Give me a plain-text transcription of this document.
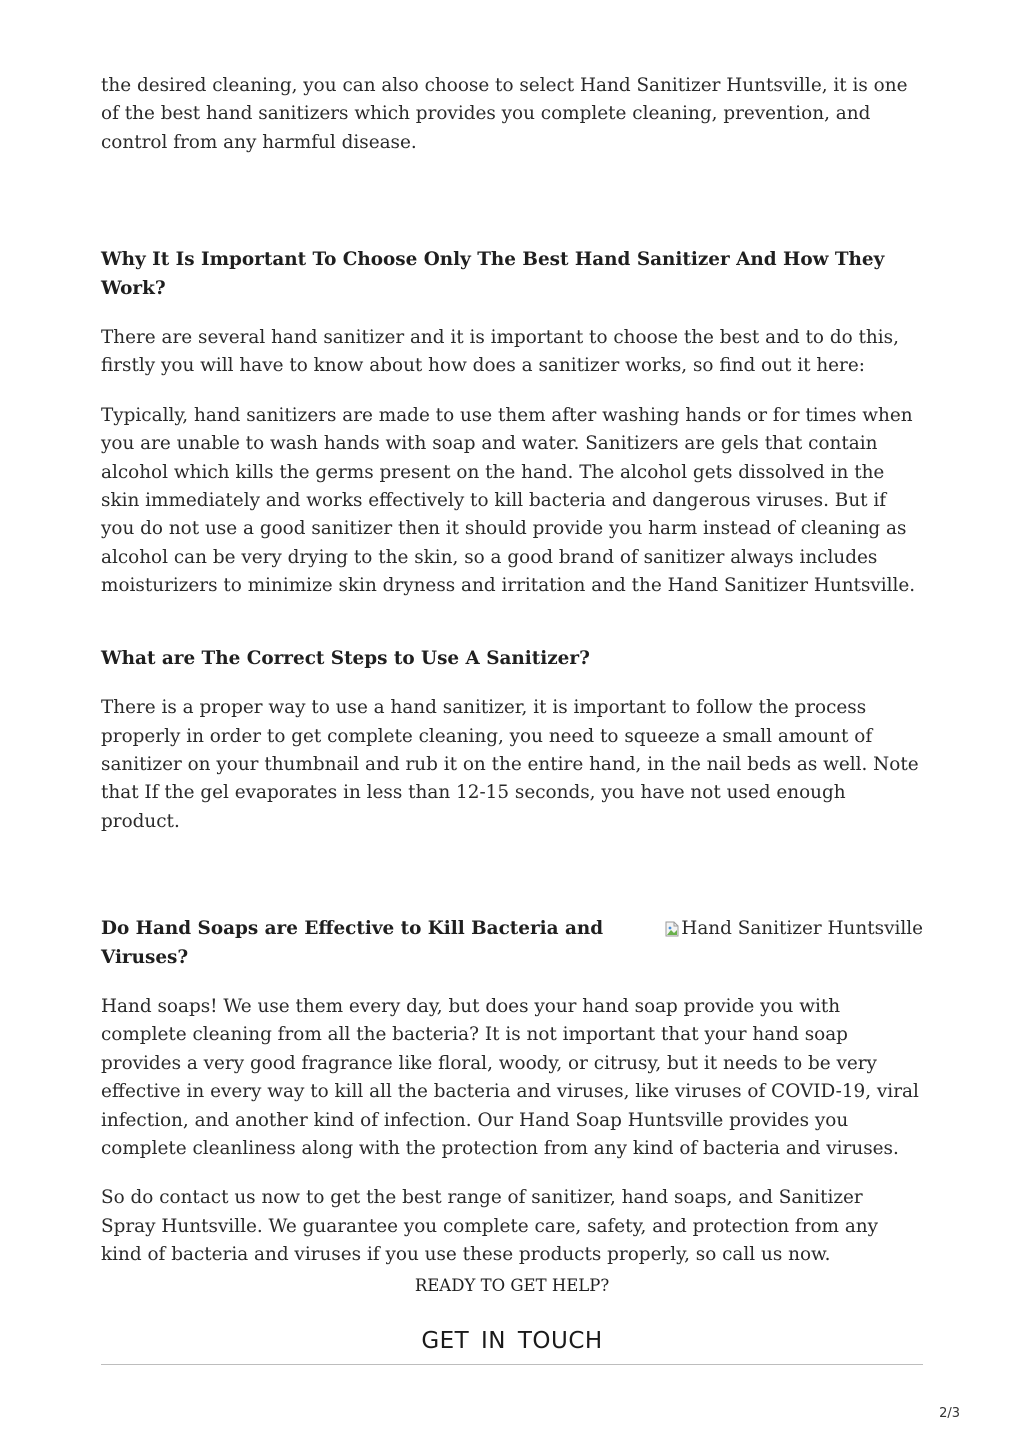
the desired cleaning, you can also choose to select Hand Sanitizer Huntsville, it is one of the best hand sanitizers which provides you complete cleaning, prevention, and control from any harmful disease.

Why It Is Important To Choose Only The Best Hand Sanitizer And How They Work?

There are several hand sanitizer and it is important to choose the best and to do this, firstly you will have to know about how does a sanitizer works, so find out it here:

Typically, hand sanitizers are made to use them after washing hands or for times when you are unable to wash hands with soap and water. Sanitizers are gels that contain alcohol which kills the germs present on the hand. The alcohol gets dissolved in the skin immediately and works effectively to kill bacteria and dangerous viruses. But if you do not use a good sanitizer then it should provide you harm instead of cleaning as alcohol can be very drying to the skin, so a good brand of sanitizer always includes moisturizers to minimize skin dryness and irritation and the Hand Sanitizer Huntsville.

What are The Correct Steps to Use A Sanitizer?

There is a proper way to use a hand sanitizer, it is important to follow the process properly in order to get complete cleaning, you need to squeeze a small amount of sanitizer on your thumbnail and rub it on the entire hand, in the nail beds as well. Note that If the gel evaporates in less than 12-15 seconds, you have not used enough product.

Do Hand Soaps are Effective to Kill Bacteria and Viruses?
Hand Sanitizer Huntsville

Hand soaps! We use them every day, but does your hand soap provide you with complete cleaning from all the bacteria? It is not important that your hand soap provides a very good fragrance like floral, woody, or citrusy, but it needs to be very effective in every way to kill all the bacteria and viruses, like viruses of COVID-19, viral infection, and another kind of infection. Our Hand Soap Huntsville provides you complete cleanliness along with the protection from any kind of bacteria and viruses.

So do contact us now to get the best range of sanitizer, hand soaps, and Sanitizer Spray Huntsville. We guarantee you complete care, safety, and protection from any kind of bacteria and viruses if you use these products properly, so call us now.

READY TO GET HELP?
GET IN TOUCH
2/3
